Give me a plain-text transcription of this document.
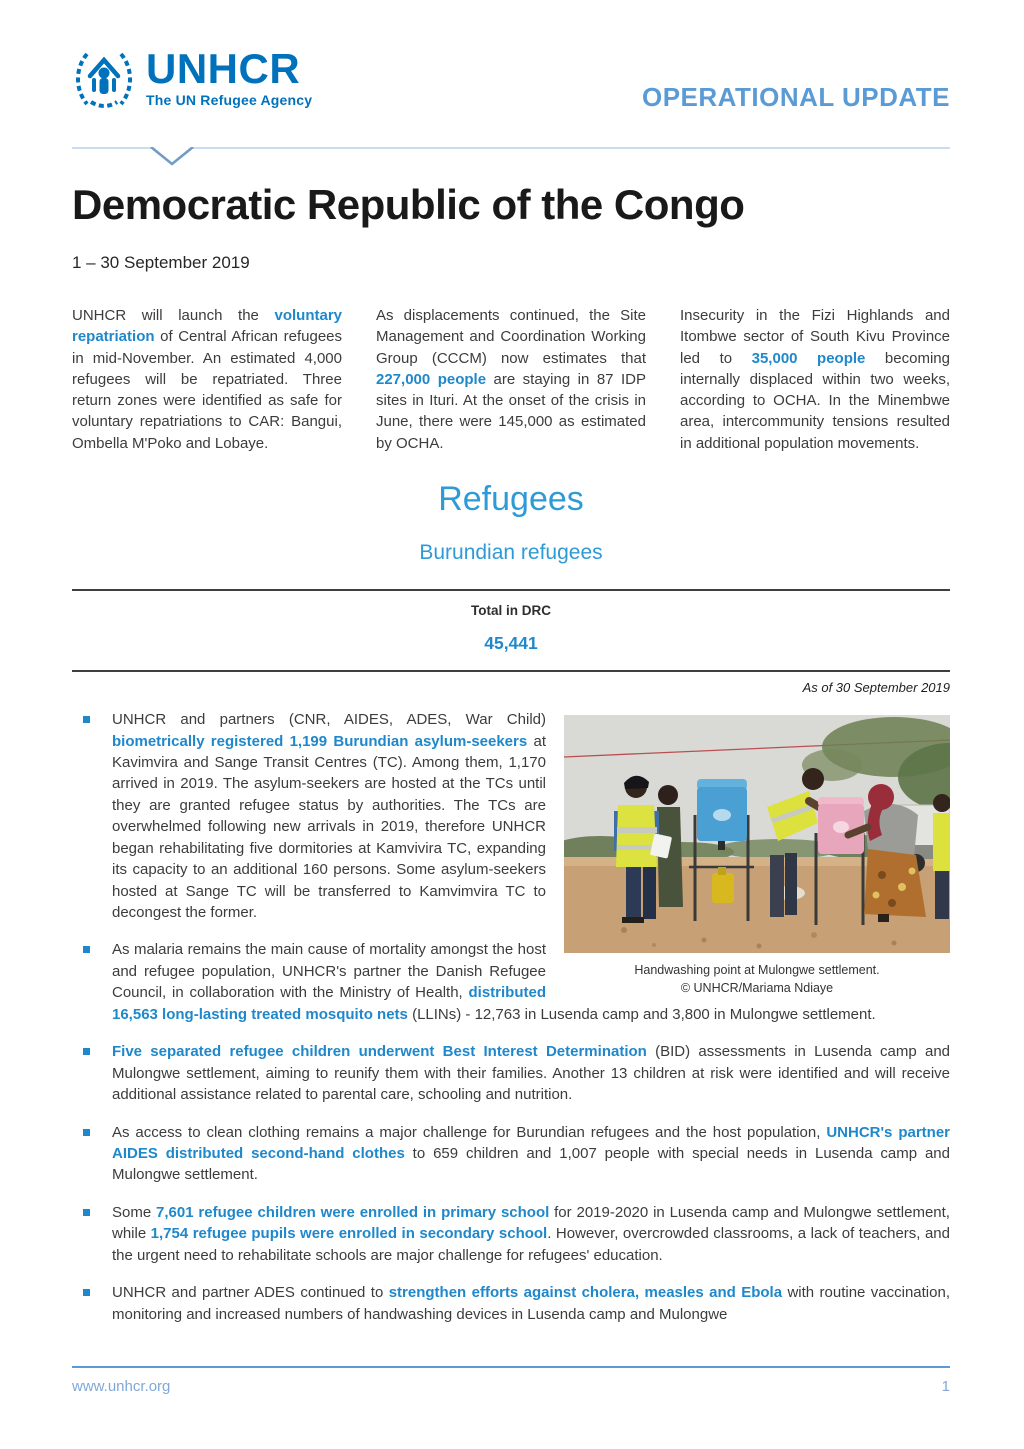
UNHCR
The UN Refugee Agency	OPERATIONAL UPDATE
Democratic Republic of the Congo
1 – 30 September 2019

UNHCR will launch the voluntary repatriation of Central African refugees in mid-November. An estimated 4,000 refugees will be repatriated. Three return zones were identified as safe for voluntary repatriations to CAR: Bangui, Ombella M'Poko and Lobaye.

As displacements continued, the Site Management and Coordination Working Group (CCCM) now estimates that 227,000 people are staying in 87 IDP sites in Ituri. At the onset of the crisis in June, there were 145,000 as estimated by OCHA.

Insecurity in the Fizi Highlands and Itombwe sector of South Kivu Province led to 35,000 people becoming internally displaced within two weeks, according to OCHA. In the Minembwe area, intercommunity tensions resulted in additional population movements.

Refugees
Burundian refugees
Total in DRC
45,441
As of 30 September 2019
Handwashing point at Mulongwe settlement.
© UNHCR/Mariama Ndiaye
UNHCR and partners (CNR, AIDES, ADES, War Child) biometrically registered 1,199 Burundian asylum-seekers at Kavimvira and Sange Transit Centres (TC). Among them, 1,170 arrived in 2019. The asylum-seekers are hosted at the TCs until they are granted refugee status by authorities. The TCs are overwhelmed following new arrivals in 2019, therefore UNHCR began rehabilitating five dormitories at Kamvivira TC, expanding its capacity to an additional 160 persons. Some asylum-seekers hosted at Sange TC will be transferred to Kamvimvira TC to decongest the former.
As malaria remains the main cause of mortality amongst the host and refugee population, UNHCR's partner the Danish Refugee Council, in collaboration with the Ministry of Health, distributed 16,563 long-lasting treated mosquito nets (LLINs) - 12,763 in Lusenda camp and 3,800 in Mulongwe settlement.
Five separated refugee children underwent Best Interest Determination (BID) assessments in Lusenda camp and Mulongwe settlement, aiming to reunify them with their families. Another 13 children at risk were identified and will receive additional assistance related to parental care, schooling and nutrition.
As access to clean clothing remains a major challenge for Burundian refugees and the host population, UNHCR's partner AIDES distributed second-hand clothes to 659 children and 1,007 people with special needs in Lusenda camp and Mulongwe settlement.
Some 7,601 refugee children were enrolled in primary school for 2019-2020 in Lusenda camp and Mulongwe settlement, while 1,754 refugee pupils were enrolled in secondary school. However, overcrowded classrooms, a lack of teachers, and the urgent need to rehabilitate schools are major challenge for refugees' education.
UNHCR and partner ADES continued to strengthen efforts against cholera, measles and Ebola with routine vaccination, monitoring and increased numbers of handwashing devices in Lusenda camp and Mulongwe
www.unhcr.org	1
